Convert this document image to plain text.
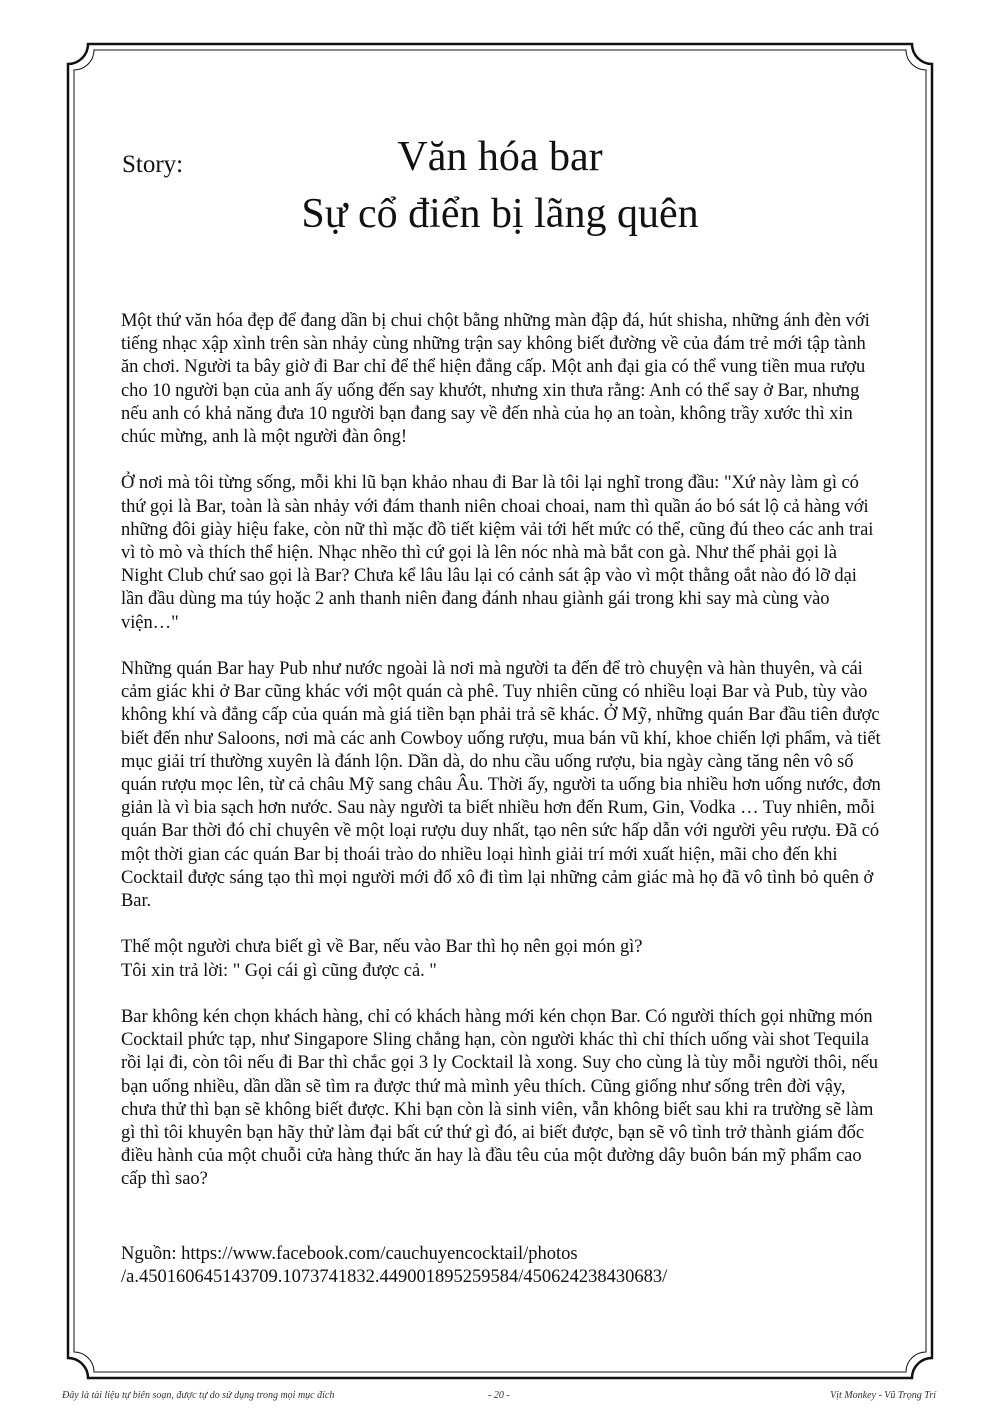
Story:	Văn hóa bar
Sự cổ điển bị lãng quên

Một thứ văn hóa đẹp để đang dần bị chui chột bằng những màn đập đá, hút shisha, những ánh đèn với tiếng nhạc xập xình trên sàn nhảy cùng những trận say không biết đường về của đám trẻ mới tập tành ăn chơi. Người ta bây giờ đi Bar chỉ để thể hiện đẳng cấp. Một anh đại gia có thể vung tiền mua rượu cho 10 người bạn của anh ấy uống đến say khướt, nhưng xin thưa rằng: Anh có thể say ở Bar, nhưng nếu anh có khả năng đưa 10 người bạn đang say về đến nhà của họ an toàn, không trầy xước thì xin chúc mừng, anh là một người đàn ông!

Ở nơi mà tôi từng sống, mỗi khi lũ bạn khảo nhau đi Bar là tôi lại nghĩ trong đầu: "Xứ này làm gì có thứ gọi là Bar, toàn là sàn nhảy với đám thanh niên choai choai, nam thì quần áo bó sát lộ cả hàng với những đôi giày hiệu fake, còn nữ thì mặc đồ tiết kiệm vải tới hết mức có thể, cũng đú theo các anh trai vì tò mò và thích thể hiện. Nhạc nhẽo thì cứ gọi là lên nóc nhà mà bắt con gà. Như thế phải gọi là Night Club chứ sao gọi là Bar? Chưa kể lâu lâu lại có cảnh sát ập vào vì một thằng oắt nào đó lỡ dại lần đầu dùng ma túy hoặc 2 anh thanh niên đang đánh nhau giành gái trong khi say mà cùng vào viện…"

Những quán Bar hay Pub như nước ngoài là nơi mà người ta đến để trò chuyện và hàn thuyên, và cái cảm giác khi ở Bar cũng khác với một quán cà phê. Tuy nhiên cũng có nhiều loại Bar và Pub, tùy vào không khí và đẳng cấp của quán mà giá tiền bạn phải trả sẽ khác. Ở Mỹ, những quán Bar đầu tiên được biết đến như Saloons, nơi mà các anh Cowboy uống rượu, mua bán vũ khí, khoe chiến lợi phẩm, và tiết mục giải trí thường xuyên là đánh lộn. Dần dà, do nhu cầu uống rượu, bia ngày càng tăng nên vô số quán rượu mọc lên, từ cả châu Mỹ sang châu Âu. Thời ấy, người ta uống bia nhiều hơn uống nước, đơn giản là vì bia sạch hơn nước. Sau này người ta biết nhiều hơn đến Rum, Gin, Vodka … Tuy nhiên, mỗi quán Bar thời đó chỉ chuyên về một loại rượu duy nhất, tạo nên sức hấp dẫn với người yêu rượu. Đã có một thời gian các quán Bar bị thoái trào do nhiều loại hình giải trí mới xuất hiện, mãi cho đến khi Cocktail được sáng tạo thì mọi người mới đổ xô đi tìm lại những cảm giác mà họ đã vô tình bỏ quên ở Bar.

Thế một người chưa biết gì về Bar, nếu vào Bar thì họ nên gọi món gì?
Tôi xin trả lời: " Gọi cái gì cũng được cả. "

Bar không kén chọn khách hàng, chỉ có khách hàng mới kén chọn Bar. Có người thích gọi những món Cocktail phức tạp, như Singapore Sling chẳng hạn, còn người khác thì chỉ thích uống vài shot Tequila rồi lại đi, còn tôi nếu đi Bar thì chắc gọi 3 ly Cocktail là xong. Suy cho cùng là tùy mỗi người thôi, nếu bạn uống nhiều, dần dần sẽ tìm ra được thứ mà mình yêu thích. Cũng giống như sống trên đời vậy, chưa thử thì bạn sẽ không biết được. Khi bạn còn là sinh viên, vẫn không biết sau khi ra trường sẽ làm gì thì tôi khuyên bạn hãy thử làm đại bất cứ thứ gì đó, ai biết được, bạn sẽ vô tình trở thành giám đốc điều hành của một chuỗi cửa hàng thức ăn hay là đầu têu của một đường dây buôn bán mỹ phẩm cao cấp thì sao?

Nguồn: https://www.facebook.com/cauchuyencocktail/photos
/a.450160645143709.1073741832.449001895259584/450624238430683/
Đây là tài liệu tự biên soạn, được tự do sử dụng trong mọi mục đích	- 20 -	Vịt Monkey - Vũ Trọng Trí
